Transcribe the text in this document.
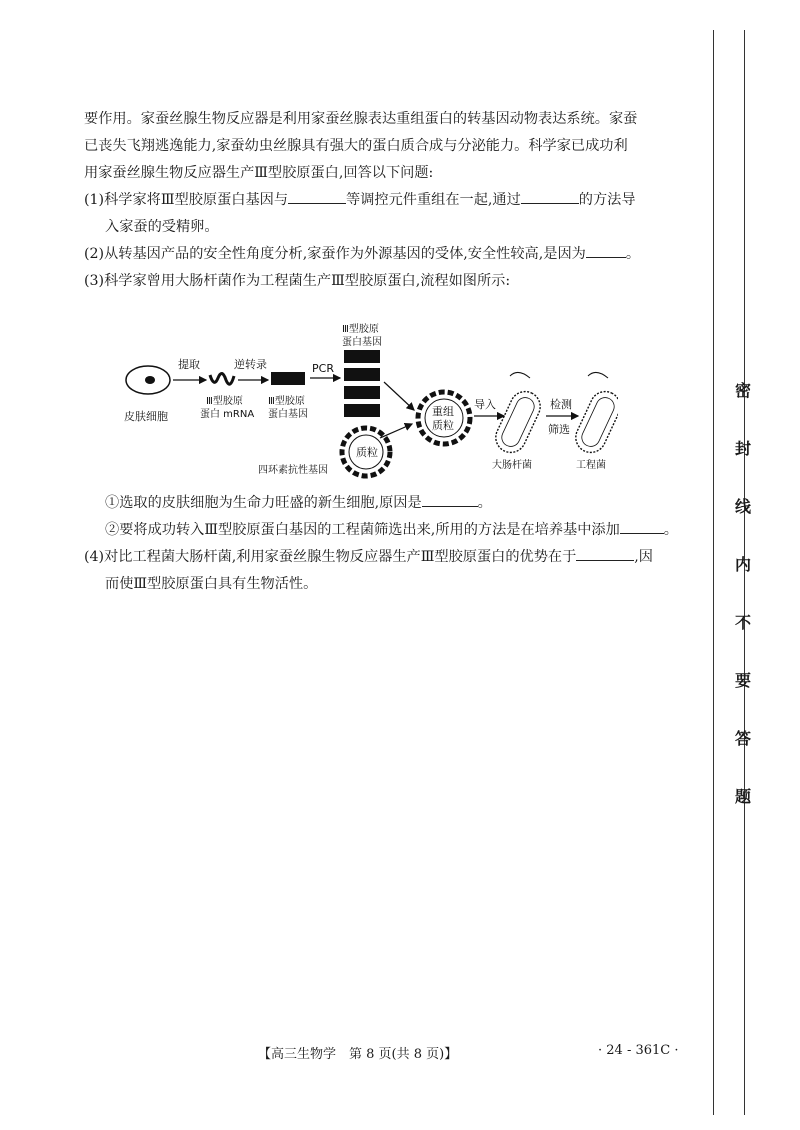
要作用。家蚕丝腺生物反应器是利用家蚕丝腺表达重组蛋白的转基因动物表达系统。家蚕

已丧失飞翔逃逸能力,家蚕幼虫丝腺具有强大的蛋白质合成与分泌能力。科学家已成功利

用家蚕丝腺生物反应器生产Ⅲ型胶原蛋白,回答以下问题:

(1)科学家将Ⅲ型胶原蛋白基因与	等调控元件重组在一起,通过	的方法导

入家蚕的受精卵。

(2)从转基因产品的安全性角度分析,家蚕作为外源基因的受体,安全性较高,是因为	。

(3)科学家曾用大肠杆菌作为工程菌生产Ⅲ型胶原蛋白,流程如图所示:

皮肤细胞
提取
Ⅲ型胶原
蛋白 mRNA
逆转录
Ⅲ型胶原
蛋白基因
PCR
Ⅲ型胶原
蛋白基因
重组
质粒
质粒
四环素抗性基因
导入
大肠杆菌
检测
筛选
工程菌

①选取的皮肤细胞为生命力旺盛的新生细胞,原因是	。

②要将成功转入Ⅲ型胶原蛋白基因的工程菌筛选出来,所用的方法是在培养基中添加	。

(4)对比工程菌大肠杆菌,利用家蚕丝腺生物反应器生产Ⅲ型胶原蛋白的优势在于	,因

而使Ⅲ型胶原蛋白具有生物活性。

密
封
线
内
不
要
答
题
【高三生物学　第 8 页(共 8 页)】	· 24 - 361C ·
